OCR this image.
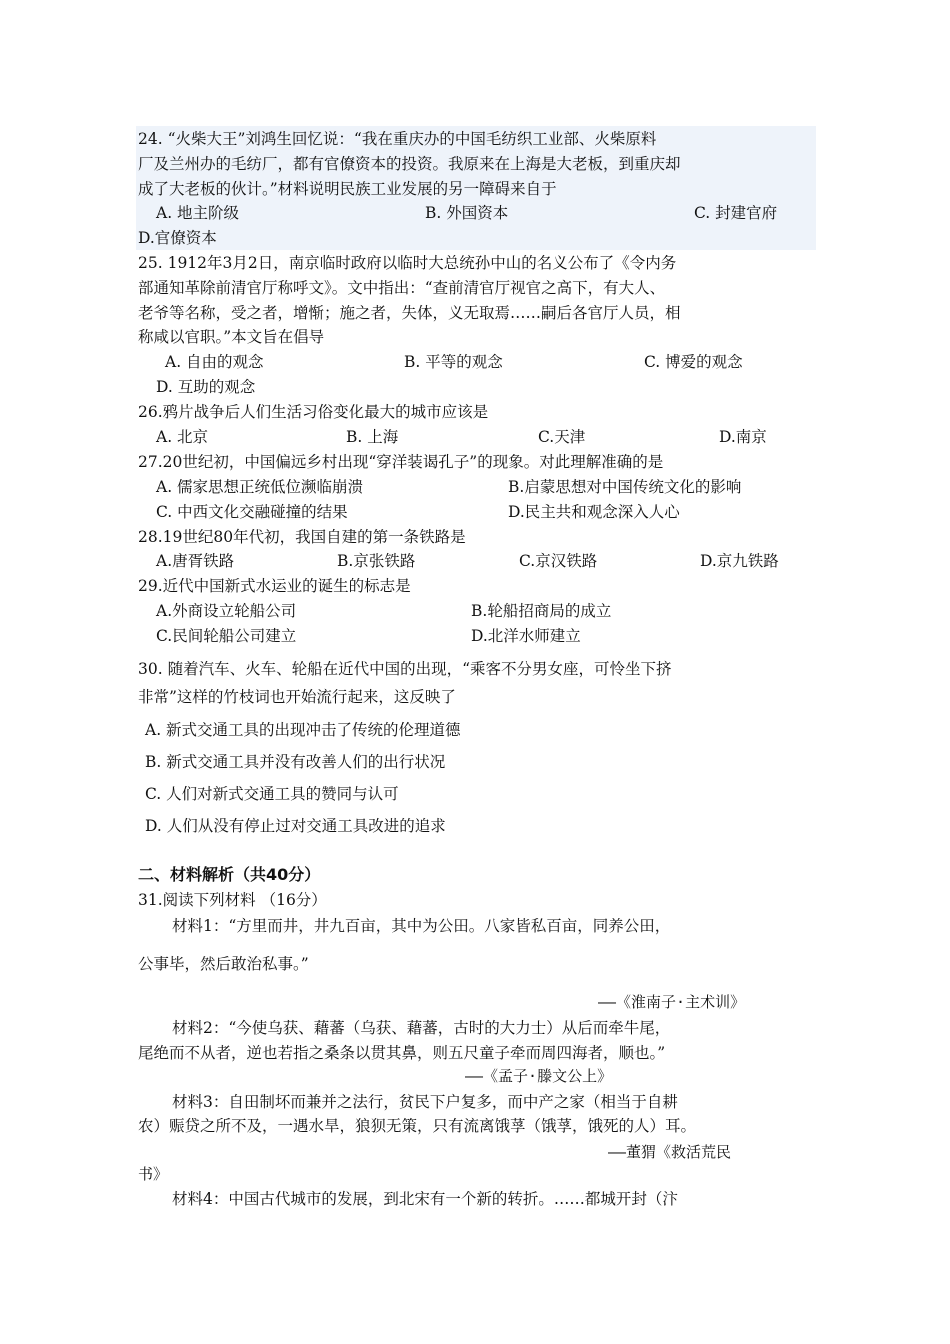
24. “火柴大王”刘鸿生回忆说：“我在重庆办的中国毛纺织工业部、火柴原料
厂及兰州办的毛纺厂，都有官僚资本的投资。我原来在上海是大老板，到重庆却
成了大老板的伙计。”材料说明民族工业发展的另一障碍来自于
A. 地主阶级	B. 外国资本	C. 封建官府
D.官僚资本
25. 1912年3月2日，南京临时政府以临时大总统孙中山的名义公布了《令内务
部通知革除前清官厅称呼文》。文中指出：“查前清官厅视官之高下，有大人、
老爷等名称，受之者，增惭；施之者，失体，义无取焉……嗣后各官厅人员，相
称咸以官职。”本文旨在倡导
A. 自由的观念	B. 平等的观念	C. 博爱的观念
D. 互助的观念
26.鸦片战争后人们生活习俗变化最大的城市应该是
A. 北京	B. 上海	C.天津	D.南京
27.20世纪初，中国偏远乡村出现“穿洋装谒孔子”的现象。对此理解准确的是
A. 儒家思想正统低位濒临崩溃	B.启蒙思想对中国传统文化的影响
C. 中西文化交融碰撞的结果	D.民主共和观念深入人心
28.19世纪80年代初，我国自建的第一条铁路是
A.唐胥铁路	B.京张铁路	C.京汉铁路	D.京九铁路
29.近代中国新式水运业的诞生的标志是
A.外商设立轮船公司	B.轮船招商局的成立
C.民间轮船公司建立	D.北洋水师建立
30. 随着汽车、火车、轮船在近代中国的出现，“乘客不分男女座，可怜坐下挤
非常”这样的竹枝词也开始流行起来，这反映了
A. 新式交通工具的出现冲击了传统的伦理道德
B. 新式交通工具并没有改善人们的出行状况
C. 人们对新式交通工具的赞同与认可
D. 人们从没有停止过对交通工具改进的追求
二、材料解析（共40分）
31.阅读下列材料 （16分）
材料1：“方里而井，井九百亩，其中为公田。八家皆私百亩，同养公田，
公事毕，然后敢治私事。”
——《淮南子·主术训》
材料2：“今使乌获、藉蕃（乌获、藉蕃，古时的大力士）从后而牵牛尾，
尾绝而不从者，逆也若指之桑条以贯其鼻，则五尺童子牵而周四海者，顺也。”
——《孟子·滕文公上》
材料3：自田制坏而兼并之法行，贫民下户复多，而中产之家（相当于自耕
农）赈贷之所不及，一遇水旱，狼狈无策，只有流离饿莩（饿莩，饿死的人）耳。
——董猬《救活荒民
书》
材料4：中国古代城市的发展，到北宋有一个新的转折。……都城开封（汴
